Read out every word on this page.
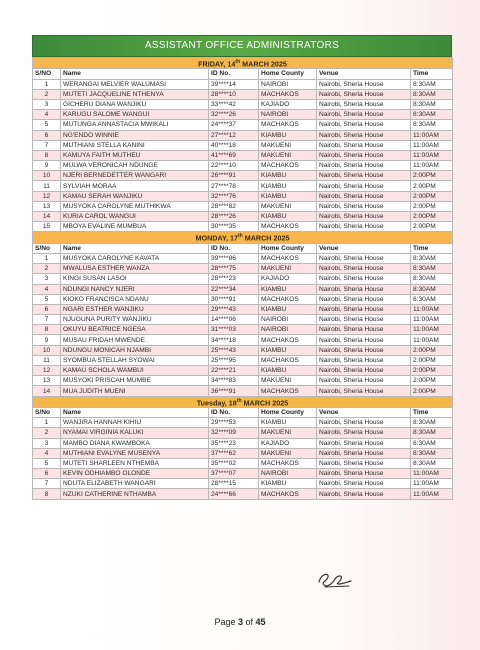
ASSISTANT OFFICE ADMINISTRATORS
FRIDAY, 14th MARCH 2025					
S/NO	Name	ID No.	Home County	Venue	Time
1	WERANGAI MELVIER WALUMASI	39****14	NAIROBI	Nairobi, Sheria House	8:30AM
2	MUTETI JACQUELINE NTHENYA	28****10	MACHAKOS	Nairobi, Sheria House	8:30AM
3	GICHERU DIANA WANJIKU	33****42	KAJIADO	Nairobi, Sheria House	8:30AM
4	KARUGU SALOME WANGUI	32****26	NAIROBI	Nairobi, Sheria House	8:30AM
5	MUTUNGA ANNASTACIA MWIKALI	24****37	MACHAKOS	Nairobi, Sheria House	8:30AM
6	NG'ENDO WINNIE	27****12	KIAMBU	Nairobi, Sheria House	11:00AM
7	MUTHIANI STELLA KANINI	40****18	MAKUENI	Nairobi, Sheria House	11:00AM
8	KAMUYA FAITH MUTHEU	41****69	MAKUENI	Nairobi, Sheria House	11:00AM
9	MULWA VERONICAH NDUNGE	22****10	MACHAKOS	Nairobi, Sheria House	11:00AM
10	NJERI BERNEDETTER WANGARI	26****91	KIAMBU	Nairobi, Sheria House	2:00PM
11	SYLVIAH MORAA	27****78	KIAMBU	Nairobi, Sheria House	2:00PM
12	KAMAU SERAH WANJIKU	32****76	KIAMBU	Nairobi, Sheria House	2:00PM
13	MUSYOKA CAROLYNE MUTHIKWA	28****82	MAKUENI	Nairobi, Sheria House	2:00PM
14	KURIA CAROL WANGUI	28****26	KIAMBU	Nairobi, Sheria House	2:00PM
15	MBOYA EVALINE MUMBUA	30****35	MACHAKOS	Nairobi, Sheria House	2:00PM
MONDAY, 17th MARCH 2025					
S/No	Name	ID No.	Home County	Venue	Time
1	MUSYOKA CAROLYNE KAVATA	39****86	MACHAKOS	Nairobi, Sheria House	8:30AM
2	MWALUSA ESTHER WANZA	28****75	MAKUENI	Nairobi, Sheria House	8:30AM
3	KINGI SUSAN LASOI	28****23	KAJIADO	Nairobi, Sheria House	8:30AM
4	NDUNGI NANCY NJERI	22****34	KIAMBU	Nairobi, Sheria House	8:30AM
5	KIOKO FRANCISCA NDANU	30****91	MACHAKOS	Nairobi, Sheria House	8:30AM
6	NGARI ESTHER WANJIKU	29****43	KIAMBU	Nairobi, Sheria House	11:00AM
7	NJUGUNA PURITY WANJIKU	14****06	NAIROBI	Nairobi, Sheria House	11:00AM
8	OKUYU BEATRICE NGESA	31****03	NAIROBI	Nairobi, Sheria House	11:00AM
9	MUSAU FRIDAH MWENDE	34****18	MACHAKOS	Nairobi, Sheria House	11:00AM
10	NDUNGU MONICAH NJAMBI	25****43	KIAMBU	Nairobi, Sheria House	2:00PM
11	SYOMBUA STELLAH SYOWAI	25****95	MACHAKOS	Nairobi, Sheria House	2:00PM
12	KAMAU SCHOLA WAMBUI	22****21	KIAMBU	Nairobi, Sheria House	2:00PM
13	MUSYOKI PRISCAH MUMBE	34****83	MAKUENI	Nairobi, Sheria House	2:00PM
14	MUA JUDITH MUENI	36****91	MACHAKOS	Nairobi, Sheria House	2:00PM
Tuesday, 18th MARCH 2025					
S/No	Name	ID No.	Home County	Venue	Time
1	WANJIRA HANNAH KIHIU	29****53	KIAMBU	Nairobi, Sheria House	8:30AM
2	NYAMAI VIRGINIA KALUKI	32****09	MAKUENI	Nairobi, Sheria House	8:30AM
3	MAMBO DIANA KWAMBOKA	35****23	KAJIADO	Nairobi, Sheria House	8:30AM
4	MUTHIANI EVALYNE MUSENYA	37****62	MAKUENI	Nairobi, Sheria House	8:30AM
5	MUTETI SHARLEEN NTHEMBA	35****02	MACHAKOS	Nairobi, Sheria House	8:30AM
6	KEVIN ODHIAMBO OLONDE	37****07	NAIROBI	Nairobi, Sheria House	11:00AM
7	NDUTA ELIZABETH WANGARI	28****15	KIAMBU	Nairobi, Sheria House	11:00AM
8	NZUKI CATHERINE NTHAMBA	24****66	MACHAKOS	Nairobi, Sheria House	11:00AM
Page 3 of 45
